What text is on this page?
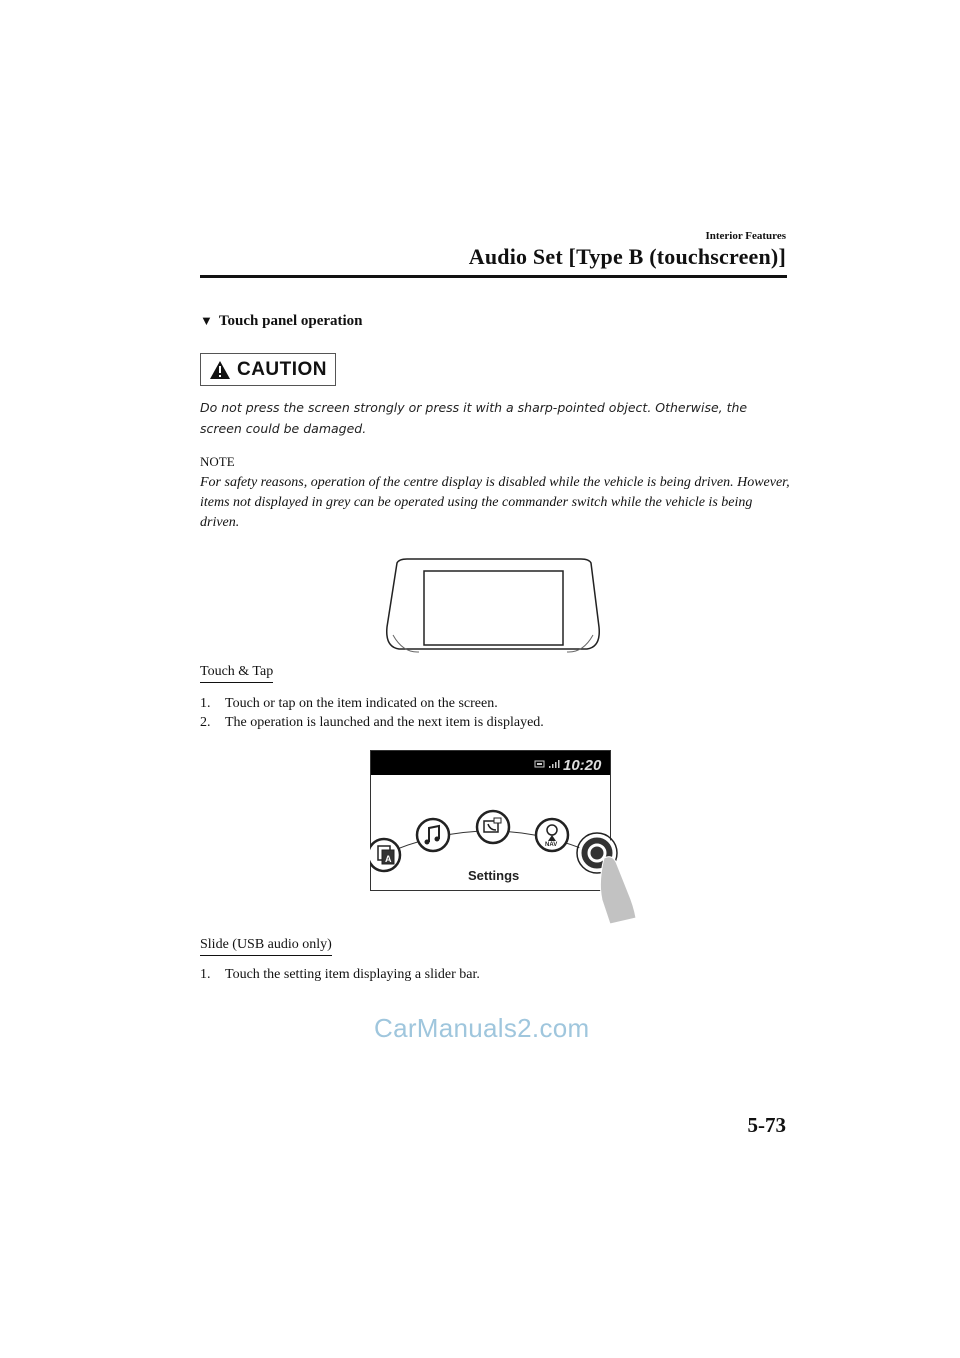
Interior Features
Audio Set [Type B (touchscreen)]
▼ Touch panel operation
CAUTION
Do not press the screen strongly or press it with a sharp-pointed object. Otherwise, the screen could be damaged.
NOTE
For safety reasons, operation of the centre display is disabled while the vehicle is being driven. However, items not displayed in grey can be operated using the commander switch while the vehicle is being driven.
Touch & Tap
1. Touch or tap on the item indicated on the screen.
2. The operation is launched and the next item is displayed.
10:20
A
NAV
Settings
Slide (USB audio only)
1. Touch the setting item displaying a slider bar.
CarManuals2.com
5-73
